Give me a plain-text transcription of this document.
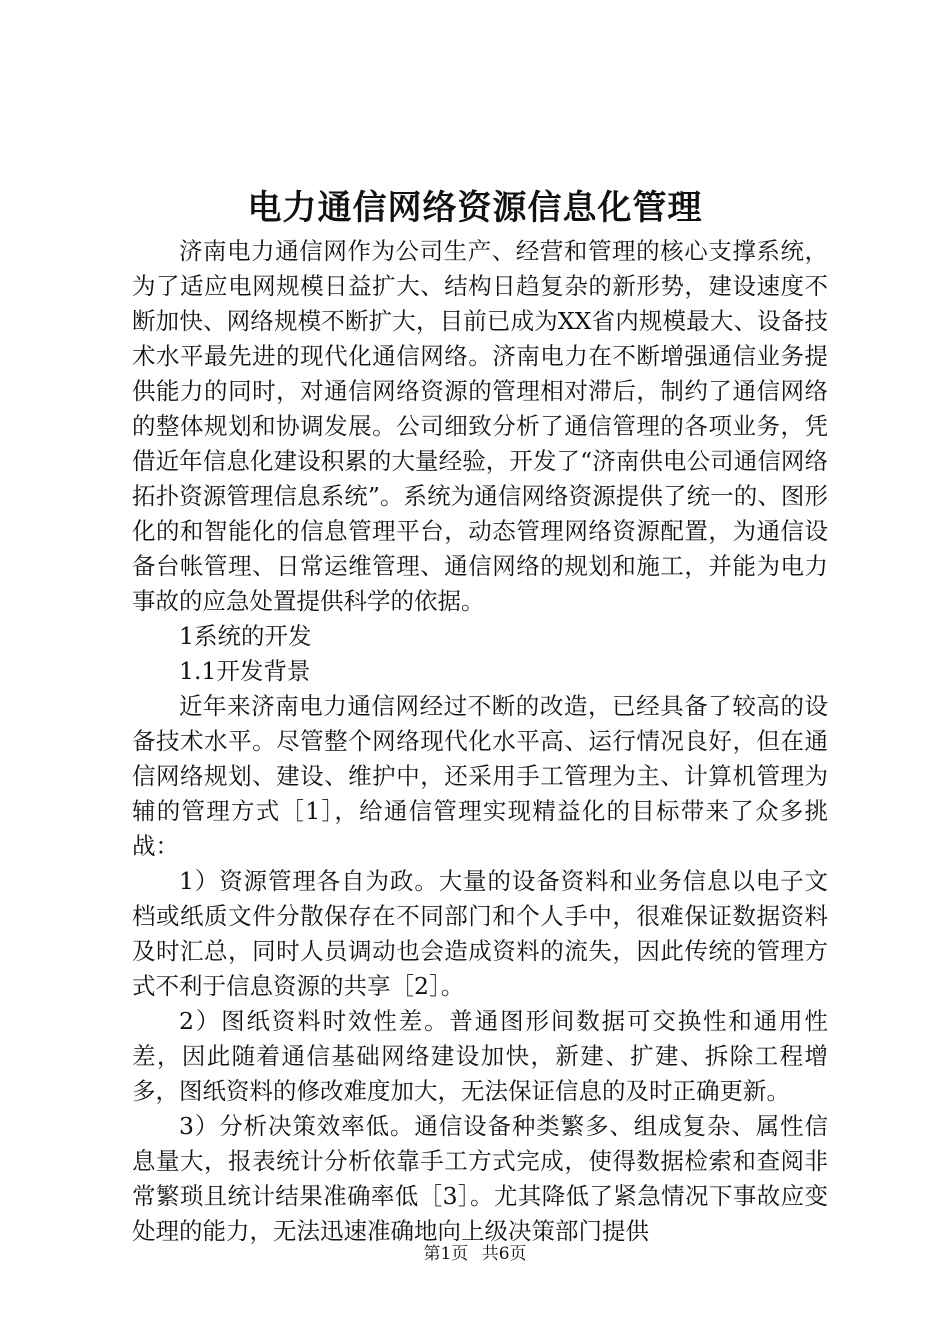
电力通信网络资源信息化管理

济南电力通信网作为公司生产、经营和管理的核心支撑系统，为了适应电网规模日益扩大、结构日趋复杂的新形势，建设速度不断加快、网络规模不断扩大，目前已成为XX省内规模最大、设备技术水平最先进的现代化通信网络。济南电力在不断增强通信业务提供能力的同时，对通信网络资源的管理相对滞后，制约了通信网络的整体规划和协调发展。公司细致分析了通信管理的各项业务，凭借近年信息化建设积累的大量经验，开发了“济南供电公司通信网络拓扑资源管理信息系统”。系统为通信网络资源提供了统一的、图形化的和智能化的信息管理平台，动态管理网络资源配置，为通信设备台帐管理、日常运维管理、通信网络的规划和施工，并能为电力事故的应急处置提供科学的依据。

1系统的开发

1.1开发背景

近年来济南电力通信网经过不断的改造，已经具备了较高的设备技术水平。尽管整个网络现代化水平高、运行情况良好，但在通信网络规划、建设、维护中，还采用手工管理为主、计算机管理为辅的管理方式［1］，给通信管理实现精益化的目标带来了众多挑战：

1）资源管理各自为政。大量的设备资料和业务信息以电子文档或纸质文件分散保存在不同部门和个人手中，很难保证数据资料及时汇总，同时人员调动也会造成资料的流失，因此传统的管理方式不利于信息资源的共享［2］。

2）图纸资料时效性差。普通图形间数据可交换性和通用性差，因此随着通信基础网络建设加快，新建、扩建、拆除工程增多，图纸资料的修改难度加大，无法保证信息的及时正确更新。

3）分析决策效率低。通信设备种类繁多、组成复杂、属性信息量大，报表统计分析依靠手工方式完成，使得数据检索和查阅非常繁琐且统计结果准确率低［3］。尤其降低了紧急情况下事故应变处理的能力，无法迅速准确地向上级决策部门提供

第1页 共6页
